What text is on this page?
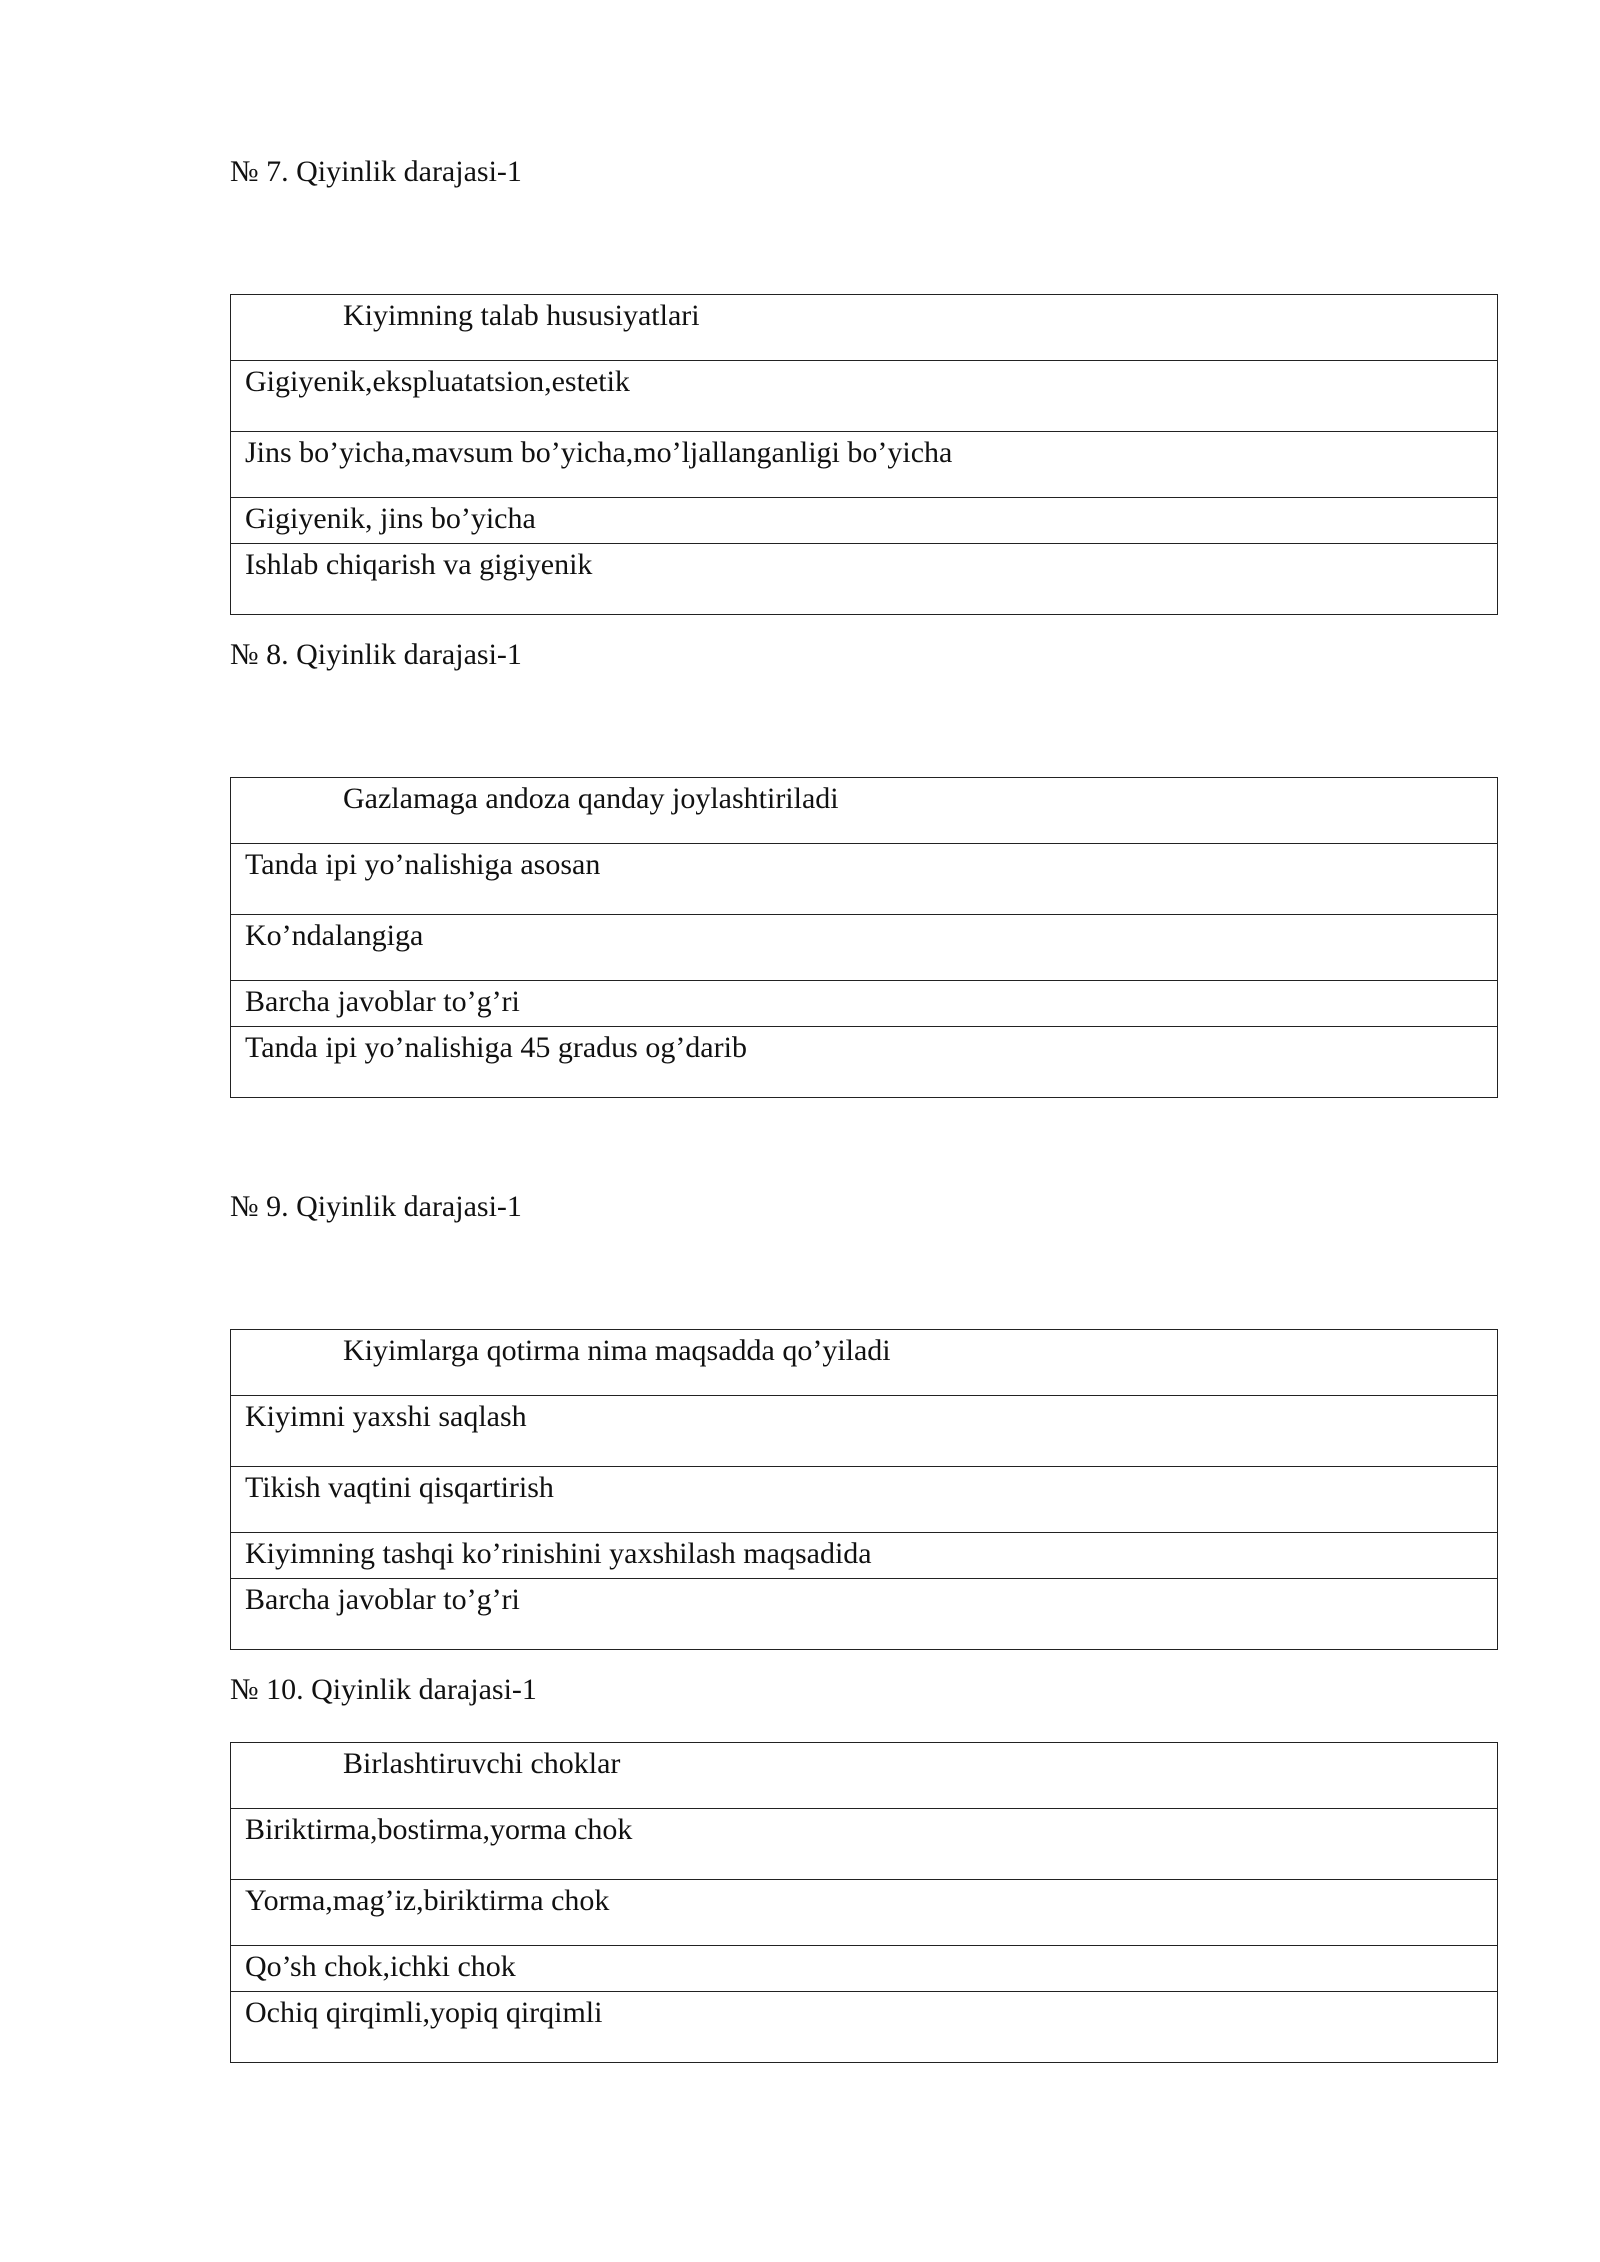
№ 7. Qiyinlik darajasi-1

Kiyimning talab hususiyatlari
Gigiyenik,ekspluatatsion,estetik
Jins bo’yicha,mavsum bo’yicha,mo’ljallanganligi bo’yicha
Gigiyenik, jins bo’yicha
Ishlab chiqarish va gigiyenik

№ 8. Qiyinlik darajasi-1

Gazlamaga andoza qanday joylashtiriladi
Tanda ipi yo’nalishiga asosan
Ko’ndalangiga
Barcha javoblar to’g’ri
Tanda ipi yo’nalishiga 45 gradus og’darib

№ 9. Qiyinlik darajasi-1

Kiyimlarga qotirma nima maqsadda qo’yiladi
Kiyimni yaxshi saqlash
Tikish vaqtini qisqartirish
Kiyimning tashqi ko’rinishini yaxshilash maqsadida
Barcha javoblar to’g’ri

№ 10. Qiyinlik darajasi-1

Birlashtiruvchi choklar
Biriktirma,bostirma,yorma chok
Yorma,mag’iz,biriktirma chok
Qo’sh chok,ichki chok
Ochiq qirqimli,yopiq qirqimli
